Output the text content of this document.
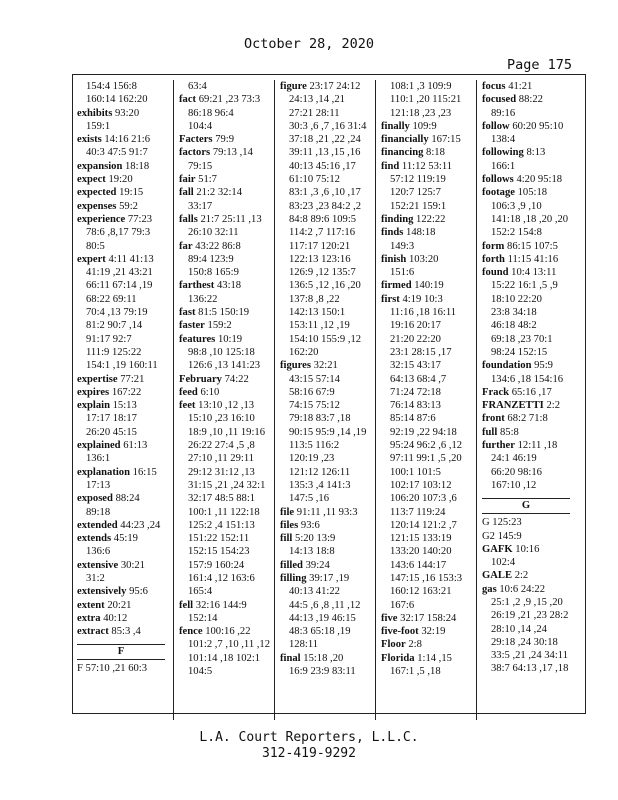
October 28, 2020
Page 175
154:4 156:8
160:14 162:20
exhibits 93:20
159:1
exists 14:16 21:6
40:3 47:5 91:7
expansion 18:18
expect 19:20
expected 19:15
expenses 59:2
experience 77:23
78:6 ,8,17 79:3
80:5
expert 4:11 41:13
41:19 ,21 43:21
66:11 67:14 ,19
68:22 69:11
70:4 ,13 79:19
81:2 90:7 ,14
91:17 92:7
111:9 125:22
154:1 ,19 160:11
expertise 77:21
expires 167:22
explain 15:13
17:17 18:17
26:20 45:15
explained 61:13
136:1
explanation 16:15
17:13
exposed 88:24
89:18
extended 44:23 ,24
extends 45:19
136:6
extensive 30:21
31:2
extensively 95:6
extent 20:21
extra 40:12
extract 85:3 ,4
F
F 57:10 ,21 60:3
63:4
fact 69:21 ,23 73:3
86:18 96:4
104:4
Facters 79:9
factors 79:13 ,14
79:15
fair 51:7
fall 21:2 32:14
33:17
falls 21:7 25:11 ,13
26:10 32:11
far 43:22 86:8
89:4 123:9
150:8 165:9
farthest 43:18
136:22
fast 81:5 150:19
faster 159:2
features 10:19
98:8 ,10 125:18
126:6 ,13 141:23
February 74:22
feed 6:10
feet 13:10 ,12 ,13
15:10 ,23 16:10
18:9 ,10 ,11 19:16
26:22 27:4 ,5 ,8
27:10 ,11 29:11
29:12 31:12 ,13
31:15 ,21 ,24 32:1
32:17 48:5 88:1
100:1 ,11 122:18
125:2 ,4 151:13
151:22 152:11
152:15 154:23
157:9 160:24
161:4 ,12 163:6
165:4
fell 32:16 144:9
152:14
fence 100:16 ,22
101:2 ,7 ,10 ,11 ,12
101:14 ,18 102:1
104:5
figure 23:17 24:12
24:13 ,14 ,21
27:21 28:11
30:3 ,6 ,7 ,16 31:4
37:18 ,21 ,22 ,24
39:11 ,13 ,15 ,16
40:13 45:16 ,17
61:10 75:12
83:1 ,3 ,6 ,10 ,17
83:23 ,23 84:2 ,2
84:8 89:6 109:5
114:2 ,7 117:16
117:17 120:21
122:13 123:16
126:9 ,12 135:7
136:5 ,12 ,16 ,20
137:8 ,8 ,22
142:13 150:1
153:11 ,12 ,19
154:10 155:9 ,12
162:20
figures 32:21
43:15 57:14
58:16 67:9
74:15 75:12
79:18 83:7 ,18
90:15 95:9 ,14 ,19
113:5 116:2
120:19 ,23
121:12 126:11
135:3 ,4 141:3
147:5 ,16
file 91:11 ,11 93:3
files 93:6
fill 5:20 13:9
14:13 18:8
filled 39:24
filling 39:17 ,19
40:13 41:22
44:5 ,6 ,8 ,11 ,12
44:13 ,19 46:15
48:3 65:18 ,19
128:11
final 15:18 ,20
16:9 23:9 83:11
108:1 ,3 109:9
110:1 ,20 115:21
121:18 ,23 ,23
finally 109:9
financially 167:15
financing 8:18
find 11:12 53:11
57:12 119:19
120:7 125:7
152:21 159:1
finding 122:22
finds 148:18
149:3
finish 103:20
151:6
firmed 140:19
first 4:19 10:3
11:16 ,18 16:11
19:16 20:17
21:20 22:20
23:1 28:15 ,17
32:15 43:17
64:13 68:4 ,7
71:24 72:18
76:14 83:13
85:14 87:6
92:19 ,22 94:18
95:24 96:2 ,6 ,12
97:11 99:1 ,5 ,20
100:1 101:5
102:17 103:12
106:20 107:3 ,6
113:7 119:24
120:14 121:2 ,7
121:15 133:19
133:20 140:20
143:6 144:17
147:15 ,16 153:3
160:12 163:21
167:6
five 32:17 158:24
five-foot 32:19
Floor 2:8
Florida 1:14 ,15
167:1 ,5 ,18
focus 41:21
focused 88:22
89:16
follow 60:20 95:10
138:4
following 8:13
166:1
follows 4:20 95:18
footage 105:18
106:3 ,9 ,10
141:18 ,18 ,20 ,20
152:2 154:8
form 86:15 107:5
forth 11:15 41:16
found 10:4 13:11
15:22 16:1 ,5 ,9
18:10 22:20
23:8 34:18
46:18 48:2
69:18 ,23 70:1
98:24 152:15
foundation 95:9
134:6 ,18 154:16
Frack 65:16 ,17
FRANZETTI 2:2
front 68:2 71:8
full 85:8
further 12:11 ,18
24:1 46:19
66:20 98:16
167:10 ,12
G
G 125:23
G2 145:9
GAFK 10:16
102:4
GALE 2:2
gas 10:6 24:22
25:1 ,2 ,9 ,15 ,20
26:19 ,21 ,23 28:2
28:10 ,14 ,24
29:18 ,24 30:18
33:5 ,21 ,24 34:11
38:7 64:13 ,17 ,18
L.A. Court Reporters, L.L.C.
312-419-9292
